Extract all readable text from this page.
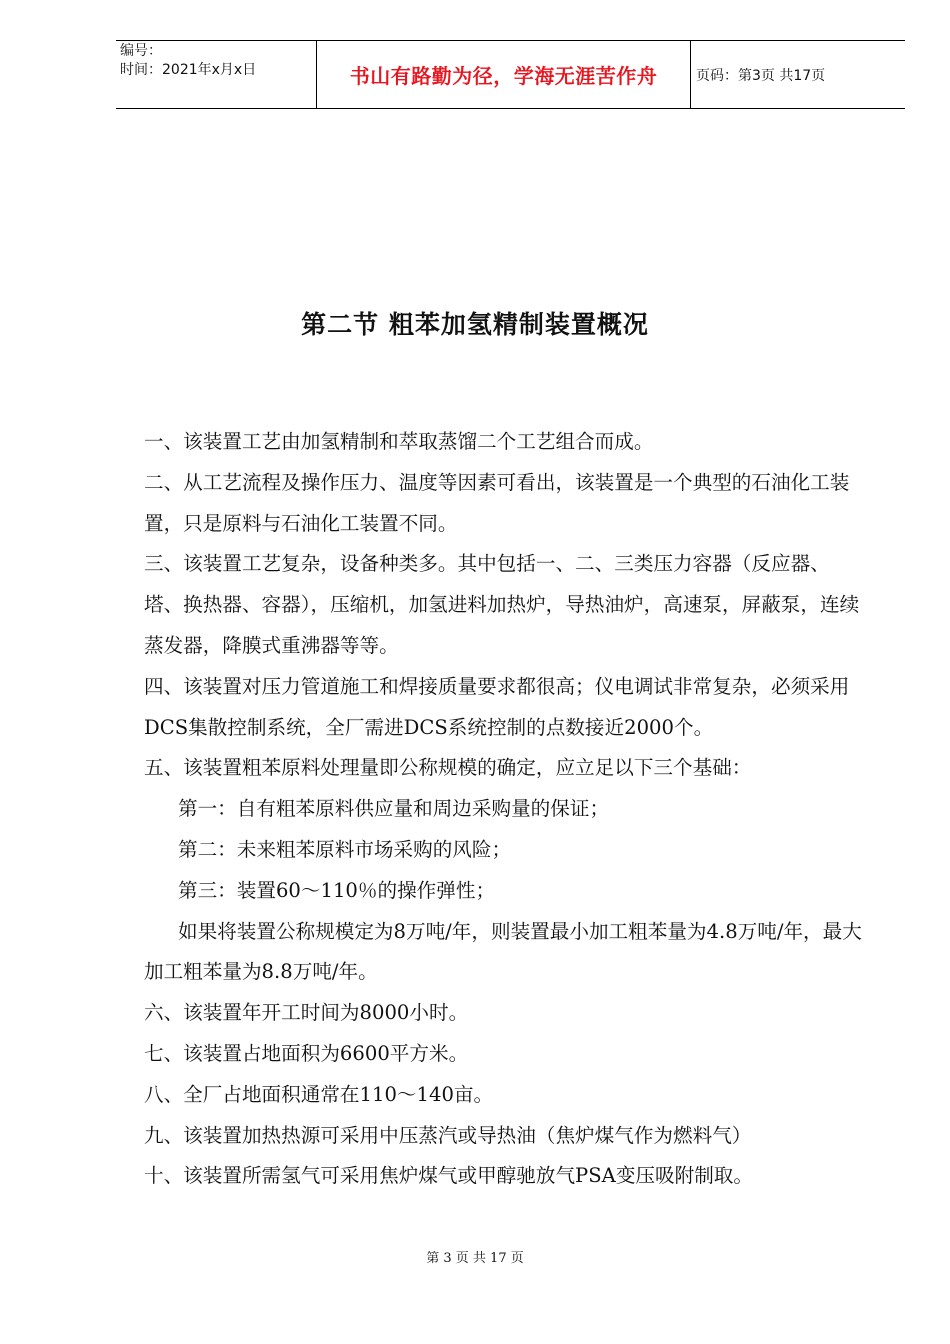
编号：
时间：2021年x月x日	书山有路勤为径，学海无涯苦作舟	页码：第3页 共17页
第二节 粗苯加氢精制装置概况

一、该装置工艺由加氢精制和萃取蒸馏二个工艺组合而成。

二、从工艺流程及操作压力、温度等因素可看出，该装置是一个典型的石油化工装置，只是原料与石油化工装置不同。

三、该装置工艺复杂，设备种类多。其中包括一、二、三类压力容器（反应器、塔、换热器、容器），压缩机，加氢进料加热炉，导热油炉，高速泵，屏蔽泵，连续蒸发器，降膜式重沸器等等。

四、该装置对压力管道施工和焊接质量要求都很高；仪电调试非常复杂，必须采用DCS集散控制系统，全厂需进DCS系统控制的点数接近2000个。

五、该装置粗苯原料处理量即公称规模的确定，应立足以下三个基础：

第一：自有粗苯原料供应量和周边采购量的保证；

第二：未来粗苯原料市场采购的风险；

第三：装置60～110％的操作弹性；

如果将装置公称规模定为8万吨/年，则装置最小加工粗苯量为4.8万吨/年，最大加工粗苯量为8.8万吨/年。

六、该装置年开工时间为8000小时。

七、该装置占地面积为6600平方米。

八、全厂占地面积通常在110～140亩。

九、该装置加热热源可采用中压蒸汽或导热油（焦炉煤气作为燃料气）

十、该装置所需氢气可采用焦炉煤气或甲醇驰放气PSA变压吸附制取。

第 3 页 共 17 页
